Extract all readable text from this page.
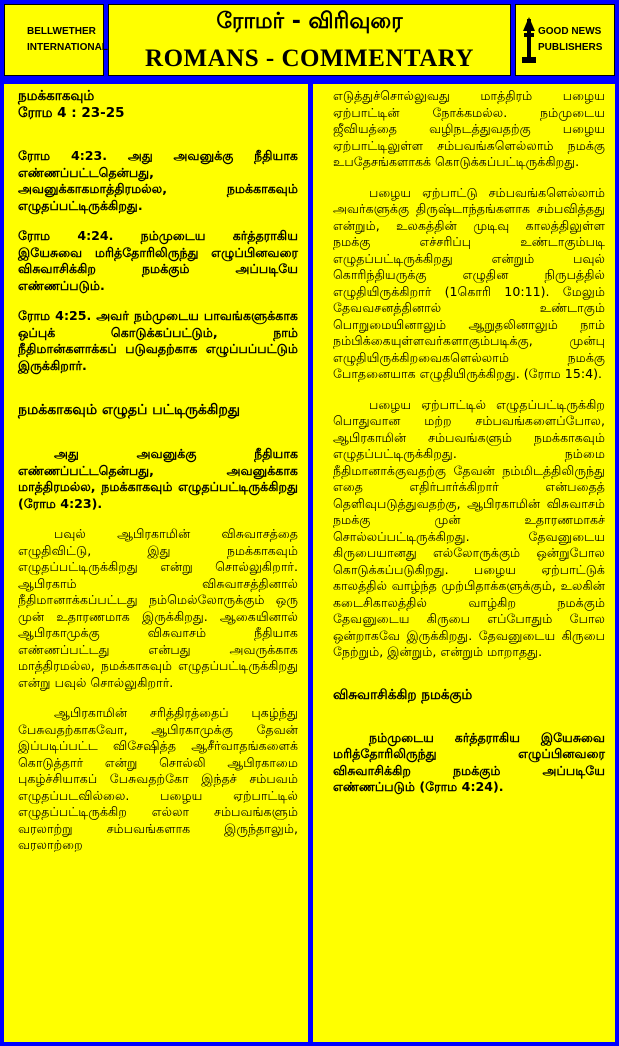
BELLWETHER
INTERNATIONAL
ரோமர் - விரிவுரை
ROMANS - COMMENTARY
GOOD NEWS
PUBLISHERS

நமக்காகவும்

ரோம 4 : 23-25

ரோம 4:23. அது அவனுக்கு நீதியாக எண்ணப்பட்டதென்பது, அவனுக்காகமாத்திரமல்ல, நமக்காகவும் எழுதப்பட்டிருக்கிறது.

ரோம 4:24. நம்முடைய கர்த்தராகிய இயேசுவை மரித்தோரிலிருந்து எழுப்பினவரை விசுவாசிக்கிற நமக்கும் அப்படியே எண்ணப்படும்.

ரோம 4:25. அவர் நம்முடைய பாவங்களுக்காக ஒப்புக் கொடுக்கப்பட்டும், நாம் நீதிமான்களாக்கப் படுவதற்காக எழுப்பப்பட்டும் இருக்கிறார்.

நமக்காகவும் எழுதப் பட்டிருக்கிறது

அது அவனுக்கு நீதியாக எண்ணப்பட்டதென்பது, அவனுக்காக மாத்திரமல்ல, நமக்காகவும் எழுதப்பட்டிருக்கிறது (ரோம 4:23).

பவுல் ஆபிரகாமின் விசுவாசத்தை எழுதிவிட்டு, இது நமக்காகவும் எழுதப்பட்டிருக்கிறது என்று சொல்லுகிறார். ஆபிரகாம் விசுவாசத்தினால் நீதிமானாக்கப்பட்டது நம்மெல்லோருக்கும் ஒரு முன் உதாரணமாக இருக்கிறது. ஆகையினால் ஆபிரகாமுக்கு விசுவாசம் நீதியாக எண்ணப்பட்டது என்பது அவருக்காக மாத்திரமல்ல, நமக்காகவும் எழுதப்பட்டிருக்கிறது என்று பவுல் சொல்லுகிறார்.

ஆபிரகாமின் சரித்திரத்தைப் புகழ்ந்து பேசுவதற்காகவோ, ஆபிரகாமுக்கு தேவன் இப்படிப்பட்ட விசேஷித்த ஆசீர்வாதங்களைக் கொடுத்தார் என்று சொல்லி ஆபிரகாமை புகழ்ச்சியாகப் பேசுவதற்கோ இந்தச் சம்பவம் எழுதப்படவில்லை. பழைய ஏற்பாட்டில் எழுதப்பட்டிருக்கிற எல்லா சம்பவங்களும் வரலாற்று சம்பவங்களாக இருந்தாலும், வரலாற்றை

எடுத்துச்சொல்லுவது மாத்திரம் பழைய ஏற்பாட்டின் நோக்கமல்ல. நம்முடைய ஜீவியத்தை வழிநடத்துவதற்கு பழைய ஏற்பாட்டிலுள்ள சம்பவங்களெல்லாம் நமக்கு உபதேசங்களாகக் கொடுக்கப்பட்டிருக்கிறது.

பழைய ஏற்பாட்டு சம்பவங்களெல்லாம் அவர்களுக்கு திருஷ்டாந்தங்களாக சம்பவித்தது என்றும், உலகத்தின் முடிவு காலத்திலுள்ள நமக்கு எச்சரிப்பு உண்டாகும்படி எழுதப்பட்டிருக்கிறது என்றும் பவுல் கொரிந்தியருக்கு எழுதின நிருபத்தில் எழுதியிருக்கிறார் (1கொரி 10:11). மேலும் தேவவசனத்தினால் உண்டாகும் பொறுமையினாலும் ஆறுதலினாலும் நாம் நம்பிக்கையுள்ளவர்களாகும்படிக்கு, முன்பு எழுதியிருக்கிறவைகளெல்லாம் நமக்கு போதனையாக எழுதியிருக்கிறது. (ரோம 15:4).

பழைய ஏற்பாட்டில் எழுதப்பட்டிருக்கிற பொதுவான மற்ற சம்பவங்களைப்போல, ஆபிரகாமின் சம்பவங்களும் நமக்காகவும் எழுதப்பட்டிருக்கிறது. நம்மை நீதிமானாக்குவதற்கு தேவன் நம்மிடத்திலிருந்து எதை எதிர்பார்க்கிறார் என்பதைத் தெளிவுபடுத்துவதற்கு, ஆபிரகாமின் விசுவாசம் நமக்கு முன் உதாரணமாகச் சொல்லப்பட்டிருக்கிறது. தேவனுடைய கிருபையானது எல்லோருக்கும் ஒன்றுபோல கொடுக்கப்படுகிறது. பழைய ஏற்பாட்டுக் காலத்தில் வாழ்ந்த முற்பிதாக்களுக்கும், உலகின் கடைசிகாலத்தில் வாழ்கிற நமக்கும் தேவனுடைய கிருபை எப்போதும் போல ஒன்றாகவே இருக்கிறது. தேவனுடைய கிருபை நேற்றும், இன்றும், என்றும் மாறாதது.

விசுவாசிக்கிற நமக்கும்

நம்முடைய கர்த்தராகிய இயேசுவை மரித்தோரிலிருந்து எழுப்பினவரை விசுவாசிக்கிற நமக்கும் அப்படியே எண்ணப்படும் (ரோம 4:24).
